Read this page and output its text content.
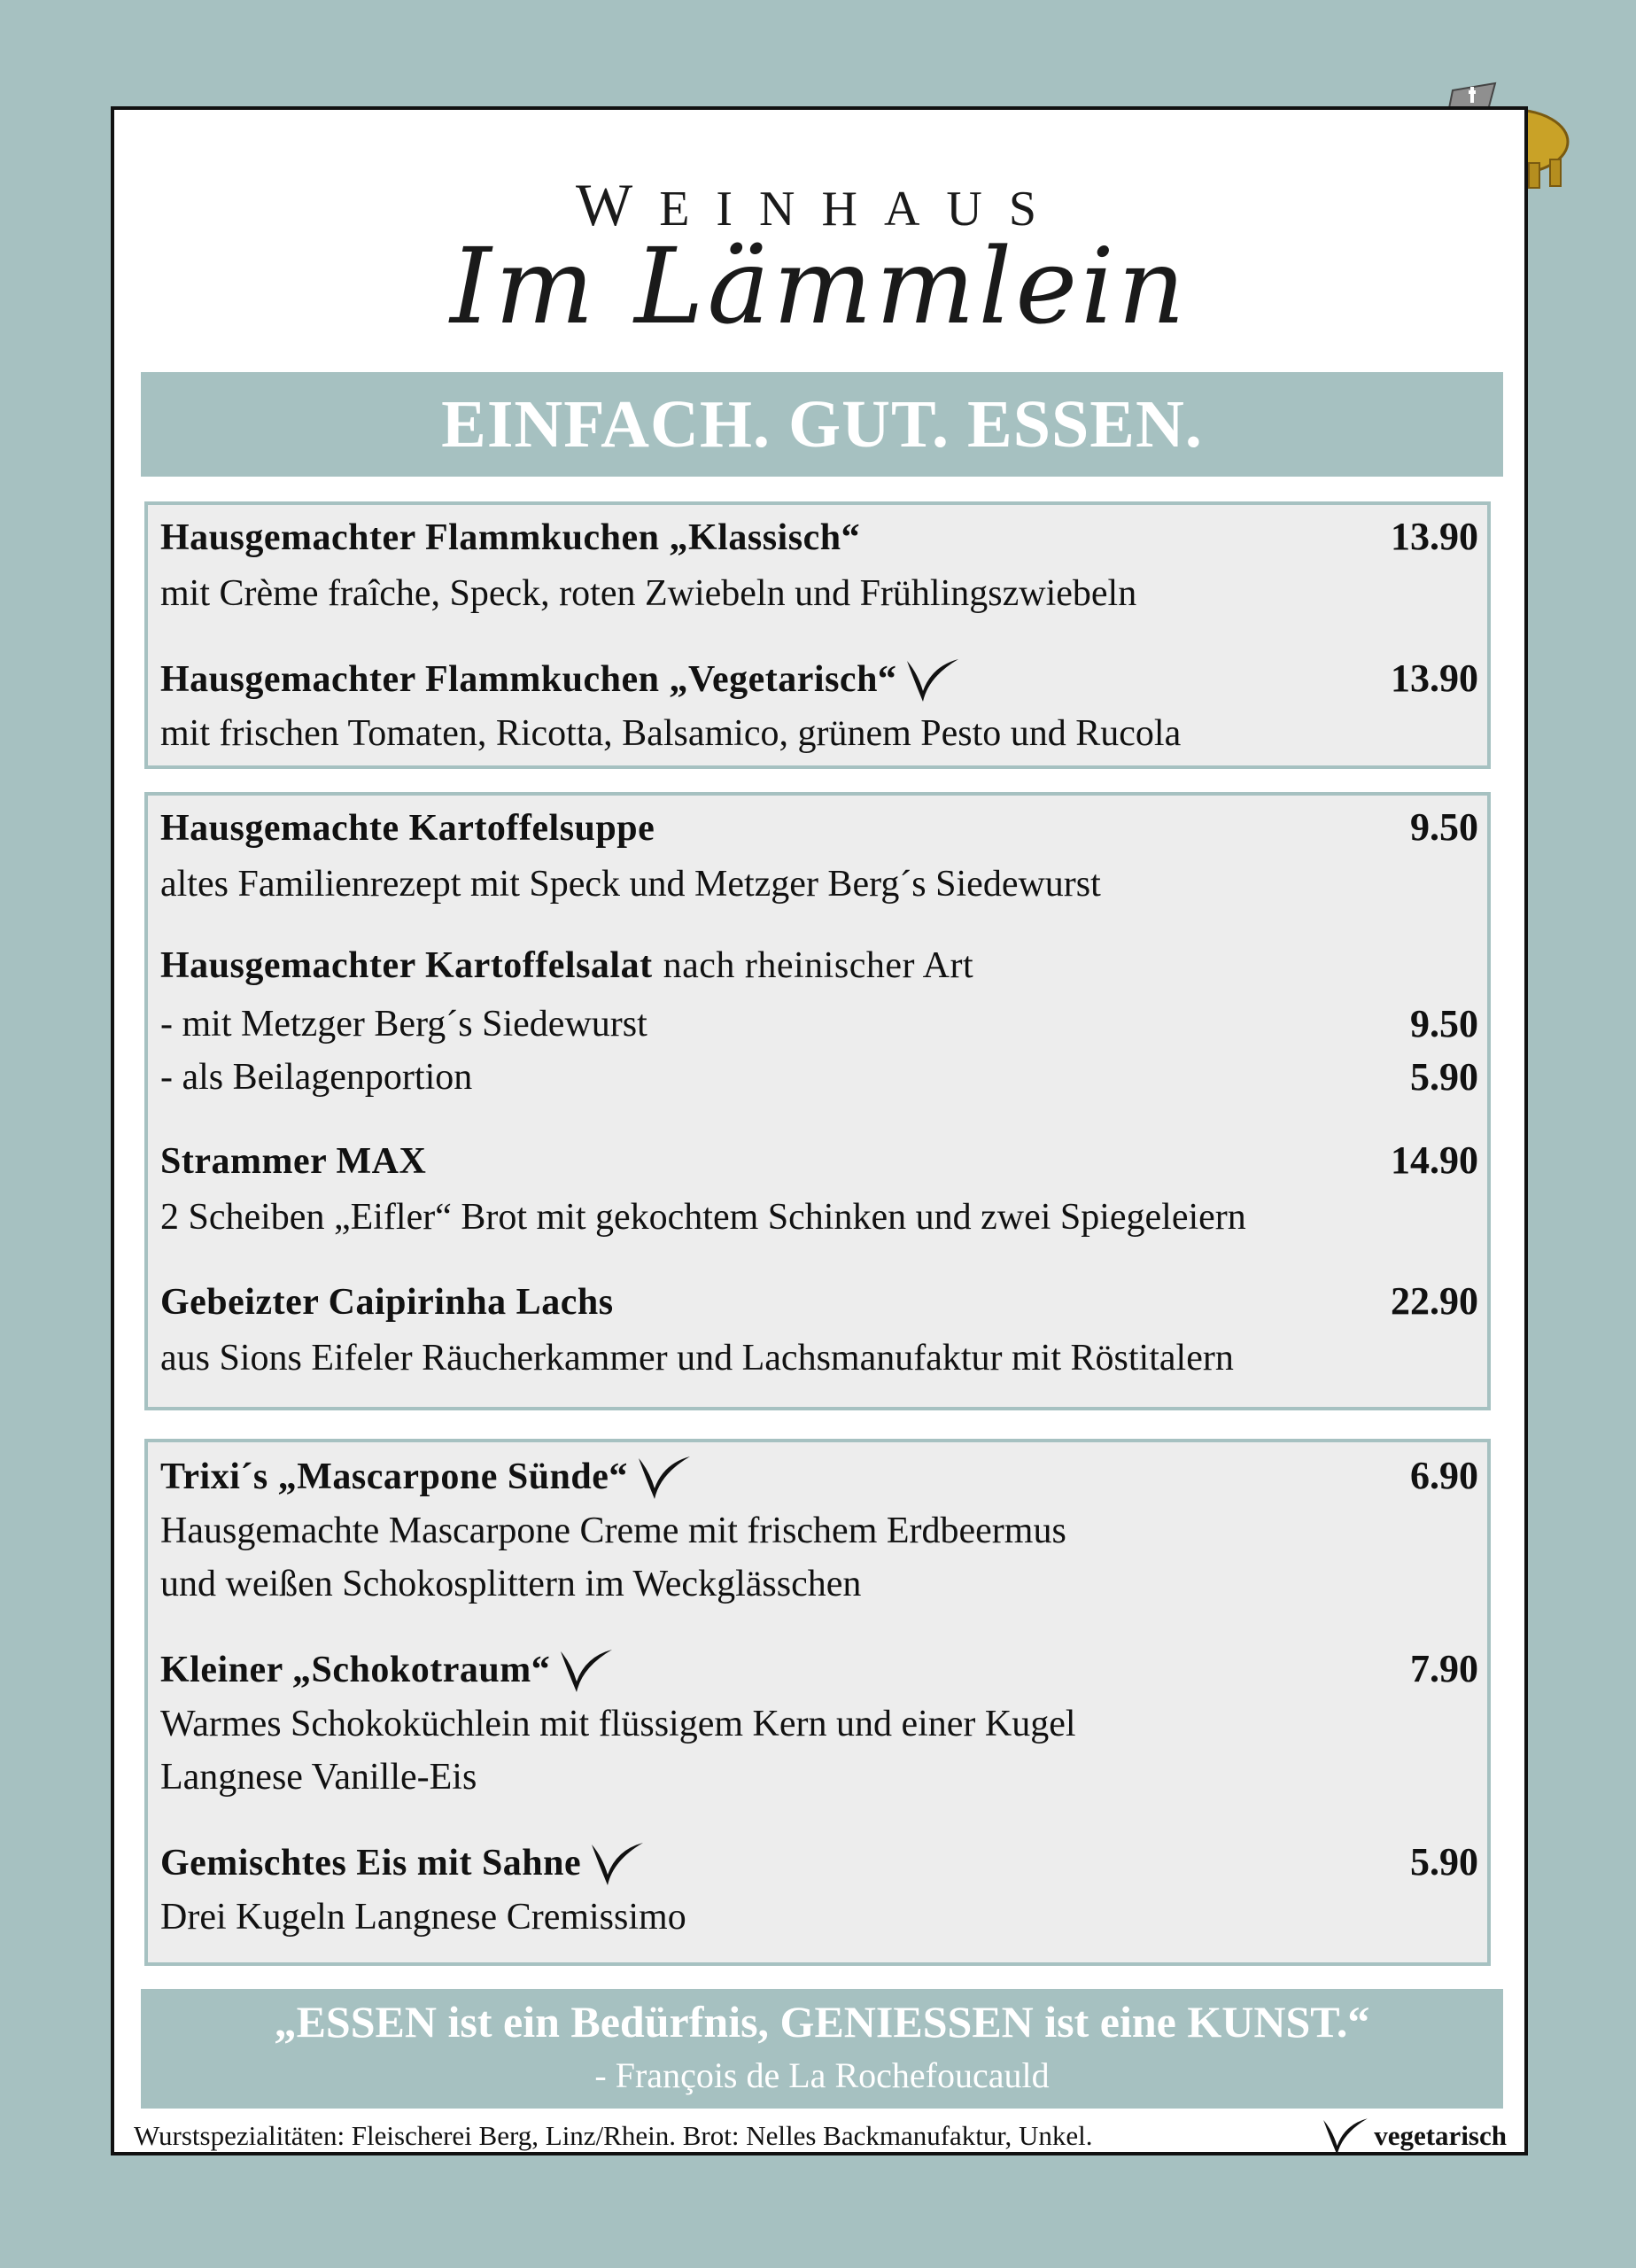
WEINHAUS
Im Lämmlein
EINFACH. GUT. ESSEN.
Hausgemachter Flammkuchen „Klassisch“	13.90
mit Crème fraîche, Speck, roten Zwiebeln und Frühlingszwiebeln
Hausgemachter Flammkuchen „Vegetarisch“	13.90
mit frischen Tomaten, Ricotta, Balsamico, grünem Pesto und Rucola
Hausgemachte Kartoffelsuppe	9.50
altes Familienrezept mit Speck und Metzger Berg´s Siedewurst
Hausgemachter Kartoffelsalat nach rheinischer Art
- mit Metzger Berg´s Siedewurst	9.50
- als Beilagenportion	5.90
Strammer MAX	14.90
2 Scheiben „Eifler“ Brot mit gekochtem Schinken und zwei Spiegeleiern
Gebeizter Caipirinha Lachs	22.90
aus Sions Eifeler Räucherkammer und Lachsmanufaktur mit Röstitalern
Trixi´s „Mascarpone Sünde“	6.90
Hausgemachte Mascarpone Creme mit frischem Erdbeermus
und weißen Schokosplittern im Weckglässchen
Kleiner „Schokotraum“	7.90
Warmes Schokoküchlein mit flüssigem Kern und einer Kugel
Langnese Vanille-Eis
Gemischtes Eis mit Sahne	5.90
Drei Kugeln Langnese Cremissimo
„ESSEN ist ein Bedürfnis, GENIESSEN ist eine KUNST.“
- François de La Rochefoucauld
Wurstspezialitäten: Fleischerei Berg, Linz/Rhein. Brot: Nelles Backmanufaktur, Unkel.	vegetarisch
